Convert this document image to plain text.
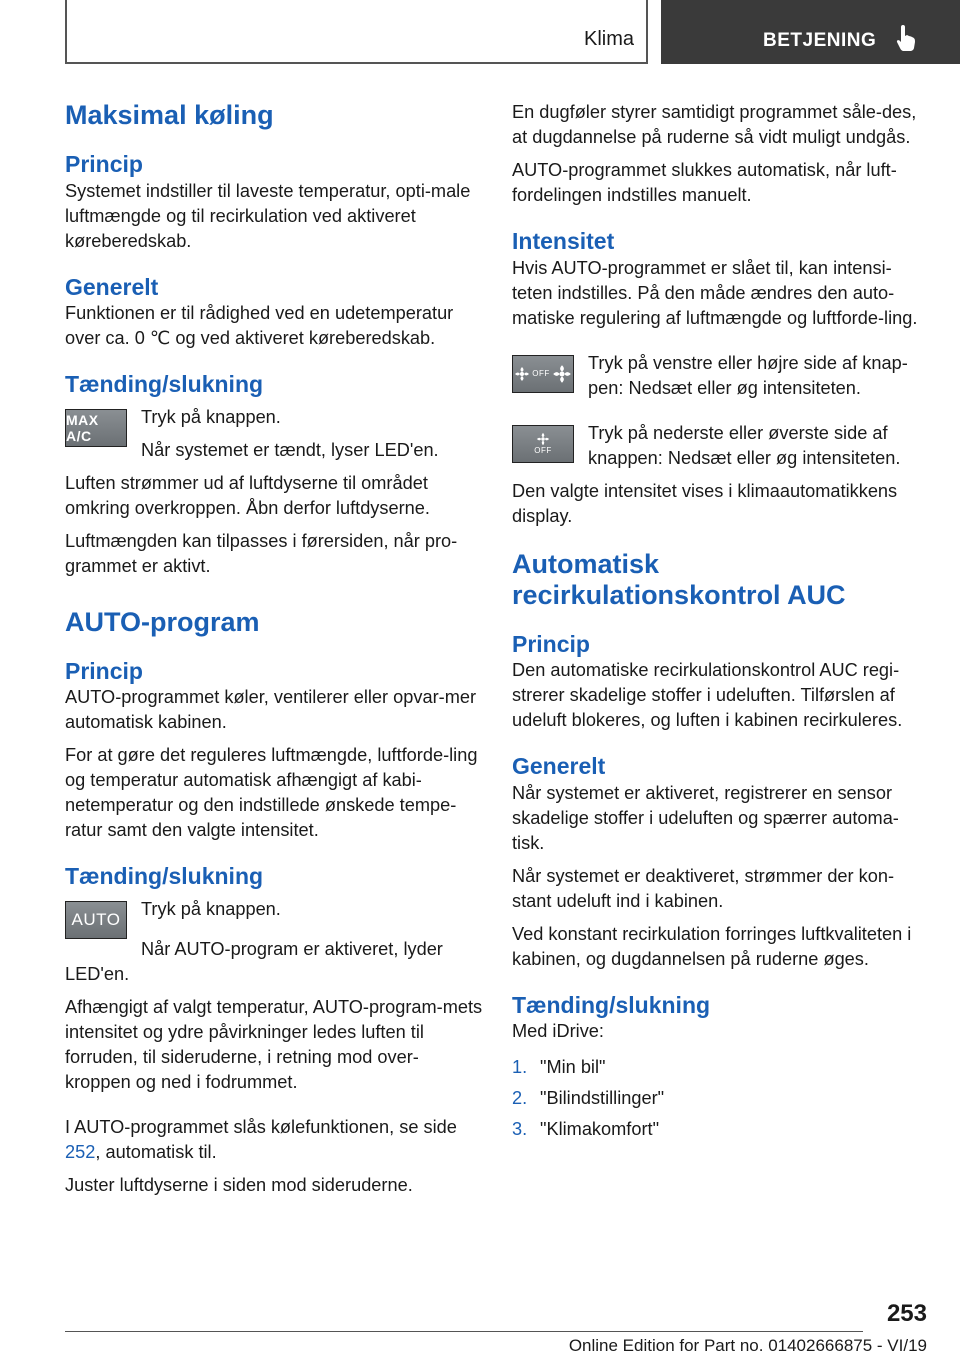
Klima	BETJENING
Maksimal køling
Princip

Systemet indstiller til laveste temperatur, opti-male luftmængde og til recirkulation ved aktiveret køreberedskab.

Generelt

Funktionen er til rådighed ved en udetemperatur over ca. 0 ℃ og ved aktiveret køreberedskab.

Tænding/slukning
MAX A/C

Tryk på knappen.

Når systemet er tændt, lyser LED'en.

Luften strømmer ud af luftdyserne til området omkring overkroppen. Åbn derfor luftdyserne.

Luftmængden kan tilpasses i førersiden, når pro-grammet er aktivt.

AUTO-program
Princip

AUTO-programmet køler, ventilerer eller opvar-mer automatisk kabinen.

For at gøre det reguleres luftmængde, luftforde-ling og temperatur automatisk afhængigt af kabi-netemperatur og den indstillede ønskede tempe-ratur samt den valgte intensitet.

Tænding/slukning
AUTO

Tryk på knappen.

Når AUTO-program er aktiveret, lyder LED'en.

Afhængigt af valgt temperatur, AUTO-program-mets intensitet og ydre påvirkninger ledes luften til forruden, til sideruderne, i retning mod over-kroppen og ned i fodrummet.

I AUTO-programmet slås kølefunktionen, se side 252, automatisk til.

Juster luftdyserne i siden mod sideruderne.

En dugføler styrer samtidigt programmet såle-des, at dugdannelse på ruderne så vidt muligt undgås.

AUTO-programmet slukkes automatisk, når luft-fordelingen indstilles manuelt.

Intensitet

Hvis AUTO-programmet er slået til, kan intensi-teten indstilles. På den måde ændres den auto-matiske regulering af luftmængde og luftforde-ling.

OFF

Tryk på venstre eller højre side af knap-pen: Nedsæt eller øg intensiteten.

OFF

Tryk på nederste eller øverste side af knappen: Nedsæt eller øg intensiteten.

Den valgte intensitet vises i klimaautomatikkens display.

Automatisk recirkulationskontrol AUC
Princip

Den automatiske recirkulationskontrol AUC regi-strerer skadelige stoffer i udeluften. Tilførslen af udeluft blokeres, og luften i kabinen recirkuleres.

Generelt

Når systemet er aktiveret, registrerer en sensor skadelige stoffer i udeluften og spærrer automa-tisk.

Når systemet er deaktiveret, strømmer der kon-stant udeluft ind i kabinen.

Ved konstant recirkulation forringes luftkvaliteten i kabinen, og dugdannelsen på ruderne øges.

Tænding/slukning

Med iDrive:

1. "Min bil"
2. "Bilindstillinger"
3. "Klimakomfort"
253
Online Edition for Part no. 01402666875 - VI/19
